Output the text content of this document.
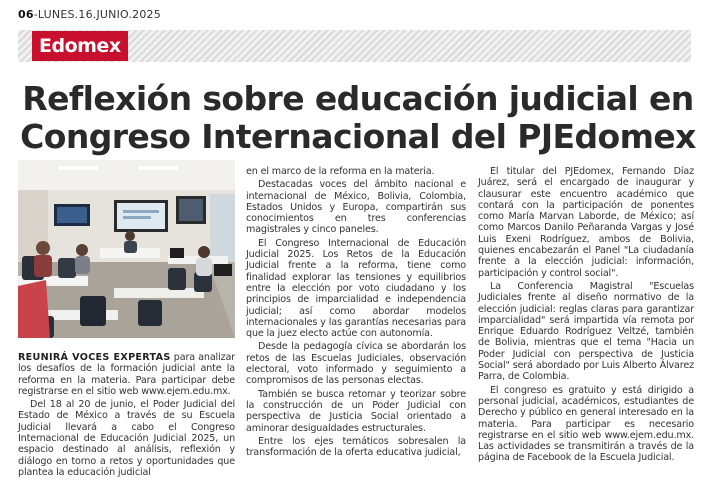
06-LUNES.16.JUNIO.2025
Edomex
Reflexión sobre educación judicial en
Congreso Internacional del PJEdomex

REUNIRÁ VOCES EXPERTAS para analizar los desafíos de la formación judicial ante la reforma en la materia. Para participar debe registrarse en el sitio web www.ejem.edu.mx.

Del 18 al 20 de junio, el Poder Judicial del Estado de México a través de su Escuela Judicial llevará a cabo el Congreso Internacional de Educación Judicial 2025, un espacio destinado al análisis, reflexión y diálogo en torno a retos y oportunidades que plantea la educación judicial

en el marco de la reforma en la materia.

Destacadas voces del ámbito nacional e internacional de México, Bolivia, Colombia, Estados Unidos y Europa, compartirán sus conocimientos en tres conferencias magistrales y cinco paneles.

El Congreso Internacional de Educación Judicial 2025. Los Retos de la Educación Judicial frente a la reforma, tiene como finalidad explorar las tensiones y equilibrios entre la elección por voto ciudadano y los principios de imparcialidad e independencia judicial; así como abordar modelos internacionales y las garantías necesarias para que la juez electo actúe con autonomía.

Desde la pedagogía cívica se abordarán los retos de las Escuelas Judiciales, observación electoral, voto informado y seguimiento a compromisos de las personas electas.

También se busca retomar y teorizar sobre la construcción de un Poder Judicial con perspectiva de Justicia Social orientado a aminorar desigualdades estructurales.

Entre los ejes temáticos sobresalen la transformación de la oferta educativa judicial,

El titular del PJEdomex, Fernando Díaz Juárez, será el encargado de inaugurar y clausurar este encuentro académico que contará con la participación de ponentes como María Marvan Laborde, de México; así como Marcos Danilo Peñaranda Vargas y José Luis Exeni Rodríguez, ambos de Bolivia, quienes encabezarán el Panel "La ciudadanía frente a la elección judicial: información, participación y control social".

La Conferencia Magistral "Escuelas Judiciales frente al diseño normativo de la elección judicial: reglas claras para garantizar imparcialidad" será impartida vía remota por Enrique Eduardo Rodríguez Veltzé, también de Bolivia, mientras que el tema "Hacia un Poder Judicial con perspectiva de Justicia Social" será abordado por Luis Alberto Álvarez Parra, de Colombia.

El congreso es gratuito y está dirigido a personal judicial, académicos, estudiantes de Derecho y público en general interesado en la materia. Para participar es necesario registrarse en el sitio web www.ejem.edu.mx. Las actividades se transmitirán a través de la página de Facebook de la Escuela Judicial.
